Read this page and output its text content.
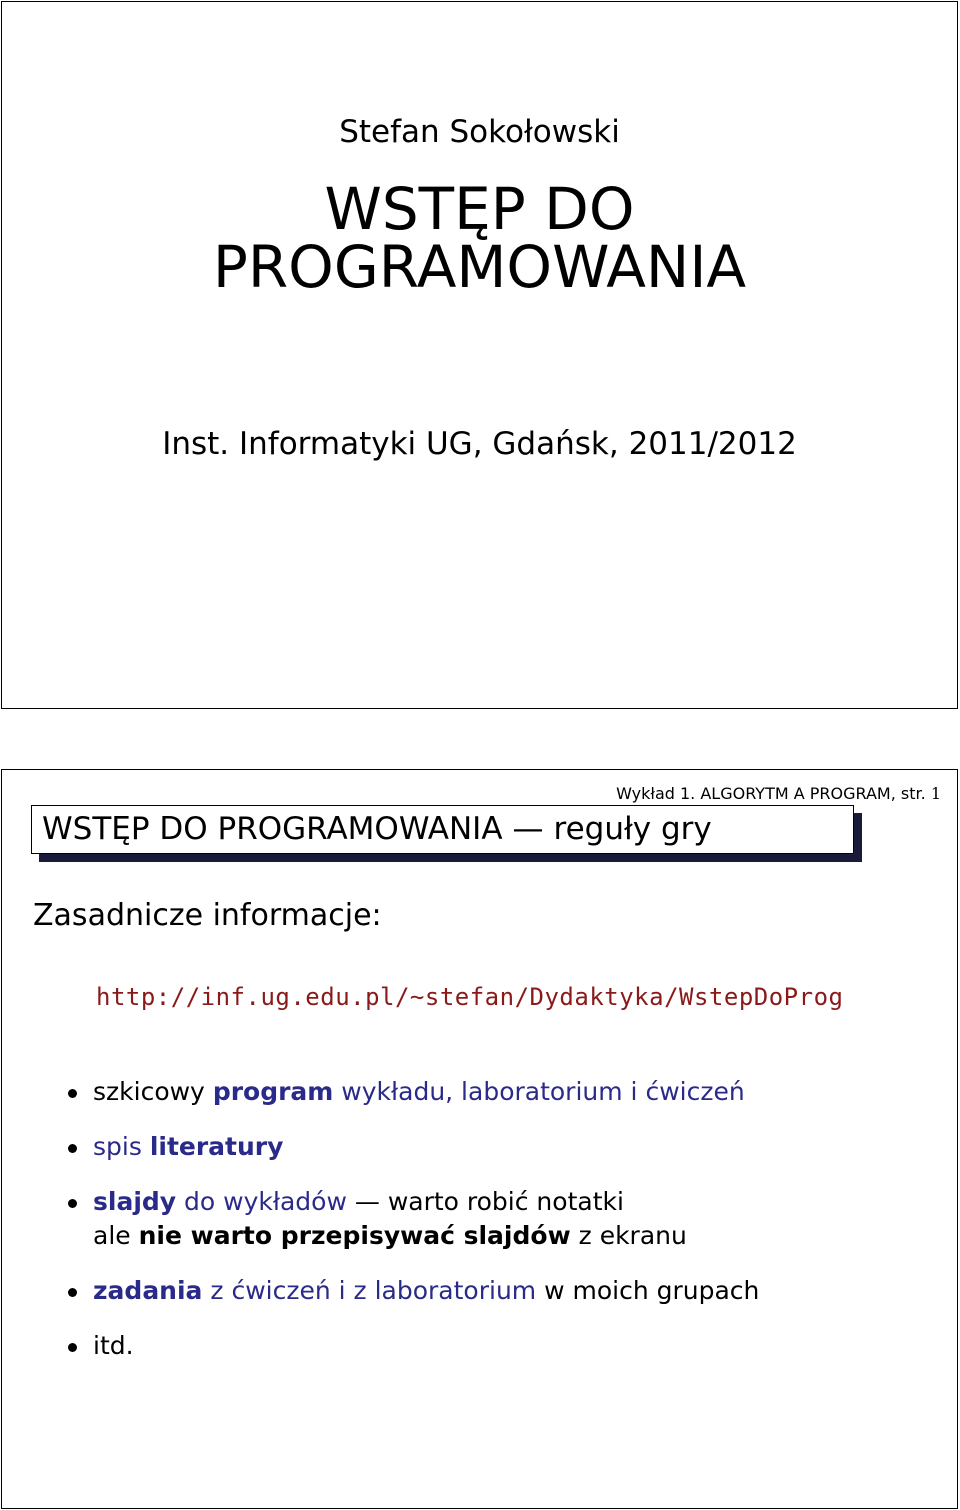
Stefan Sokołowski
WSTĘP DO
PROGRAMOWANIA
Inst. Informatyki UG, Gdańsk, 2011/2012
Wykład 1. ALGORYTM A PROGRAM, str. 1
WSTĘP DO PROGRAMOWANIA — reguły gry
Zasadnicze informacje:
http://inf.ug.edu.pl/∼stefan/Dydaktyka/WstepDoProg
szkicowy program wykładu, laboratorium i ćwiczeń
spis literatury
slajdy do wykładów — warto robić notatki
ale nie warto przepisywać slajdów z ekranu
zadania z ćwiczeń i z laboratorium w moich grupach
itd.
